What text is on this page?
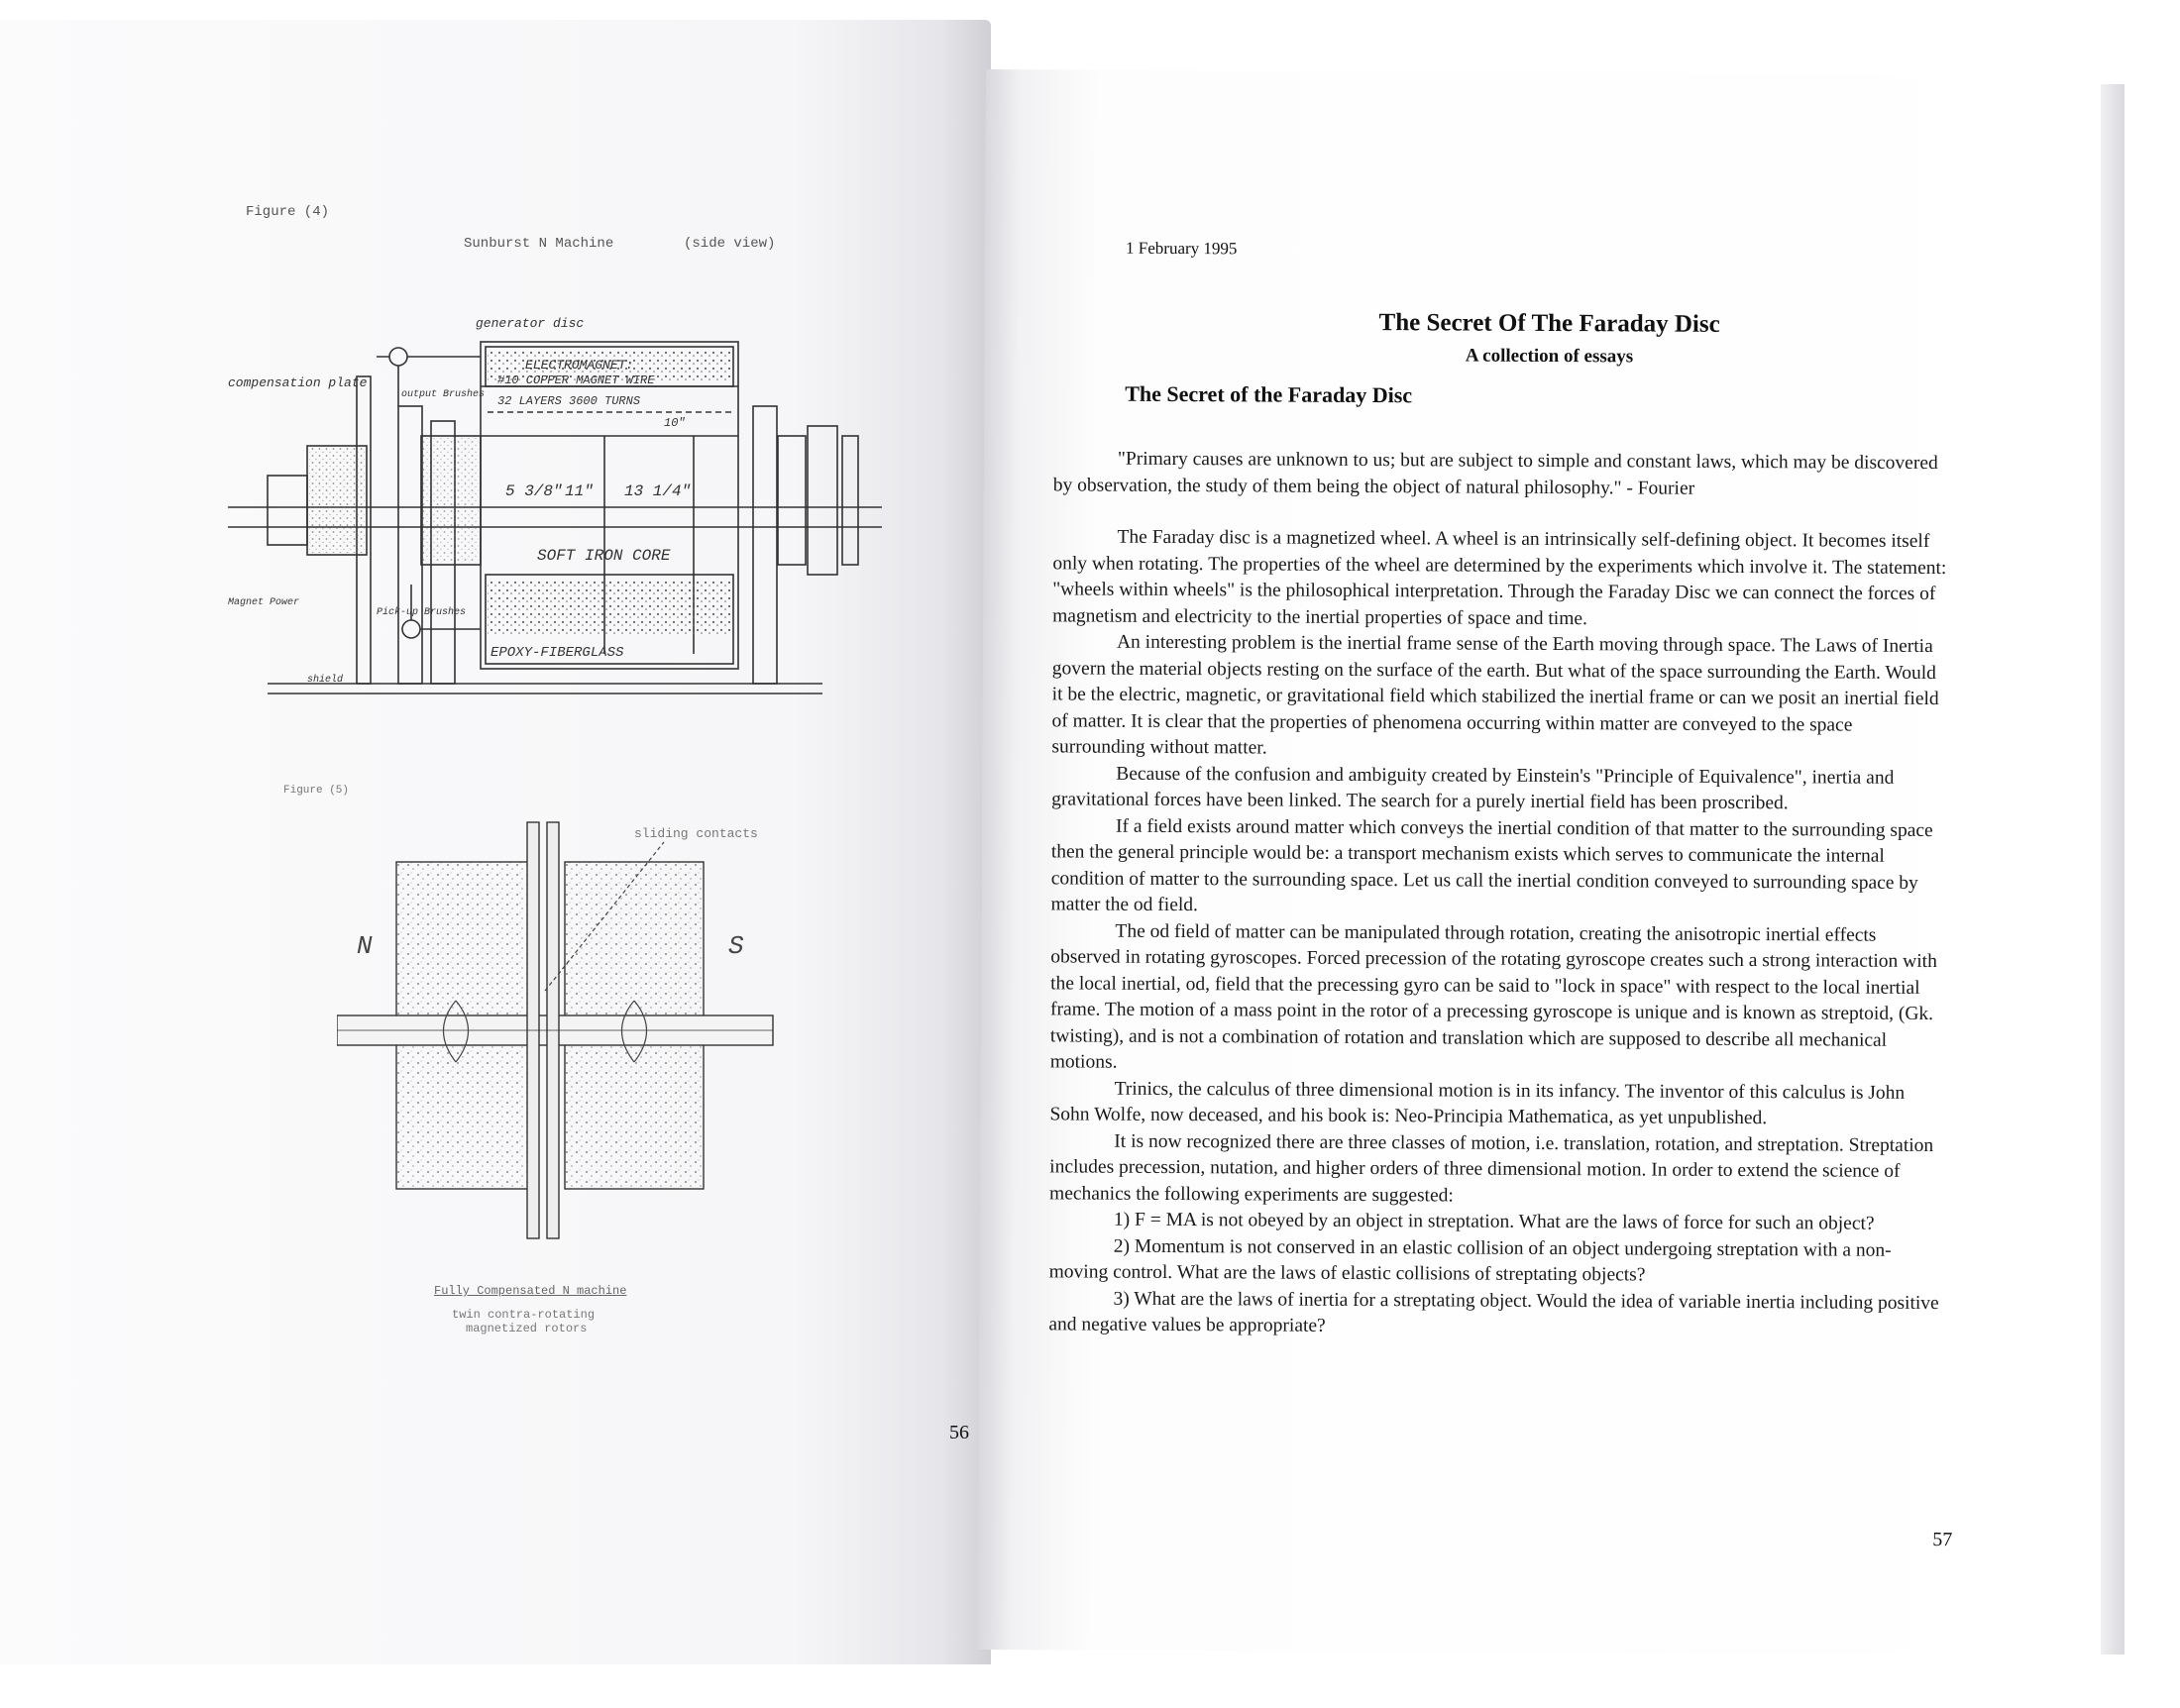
Figure (4)
Sunburst N Machine	(side view)
generator disc
compensation plate
ELECTROMAGNET:
#10 COPPER MAGNET WIRE
32 LAYERS 3600 TURNS
5 3/8" 11" 13 1/4"
10"
SOFT IRON CORE
EPOXY-FIBERGLASS
Magnet Power
Pick-up Brushes
shield
output Brushes
Figure (5)
N	S
sliding contacts
Fully Compensated N machine
twin contra-rotating
magnetized rotors
56
1 February 1995
The Secret Of The Faraday Disc
A collection of essays
The Secret of the Faraday Disc

"Primary causes are unknown to us; but are subject to simple and constant laws, which may be discovered by observation, the study of them being the object of natural philosophy." - Fourier

The Faraday disc is a magnetized wheel. A wheel is an intrinsically self-defining object. It becomes itself only when rotating. The properties of the wheel are determined by the experiments which involve it. The statement: "wheels within wheels" is the philosophical interpretation. Through the Faraday Disc we can connect the forces of magnetism and electricity to the inertial properties of space and time.

An interesting problem is the inertial frame sense of the Earth moving through space. The Laws of Inertia govern the material objects resting on the surface of the earth. But what of the space surrounding the Earth. Would it be the electric, magnetic, or gravitational field which stabilized the inertial frame or can we posit an inertial field of matter. It is clear that the properties of phenomena occurring within matter are conveyed to the space surrounding without matter.

Because of the confusion and ambiguity created by Einstein's "Principle of Equivalence", inertia and gravitational forces have been linked. The search for a purely inertial field has been proscribed.

If a field exists around matter which conveys the inertial condition of that matter to the surrounding space then the general principle would be: a transport mechanism exists which serves to communicate the internal condition of matter to the surrounding space. Let us call the inertial condition conveyed to surrounding space by matter the od field.

The od field of matter can be manipulated through rotation, creating the anisotropic inertial effects observed in rotating gyroscopes. Forced precession of the rotating gyroscope creates such a strong interaction with the local inertial, od, field that the precessing gyro can be said to "lock in space" with respect to the local inertial frame. The motion of a mass point in the rotor of a precessing gyroscope is unique and is known as streptoid, (Gk. twisting), and is not a combination of rotation and translation which are supposed to describe all mechanical motions.

Trinics, the calculus of three dimensional motion is in its infancy. The inventor of this calculus is John Sohn Wolfe, now deceased, and his book is: Neo-Principia Mathematica, as yet unpublished.

It is now recognized there are three classes of motion, i.e. translation, rotation, and streptation. Streptation includes precession, nutation, and higher orders of three dimensional motion. In order to extend the science of mechanics the following experiments are suggested:

1) F = MA is not obeyed by an object in streptation. What are the laws of force for such an object?

2) Momentum is not conserved in an elastic collision of an object undergoing streptation with a non-moving control. What are the laws of elastic collisions of streptating objects?

3) What are the laws of inertia for a streptating object. Would the idea of variable inertia including positive and negative values be appropriate?

57
